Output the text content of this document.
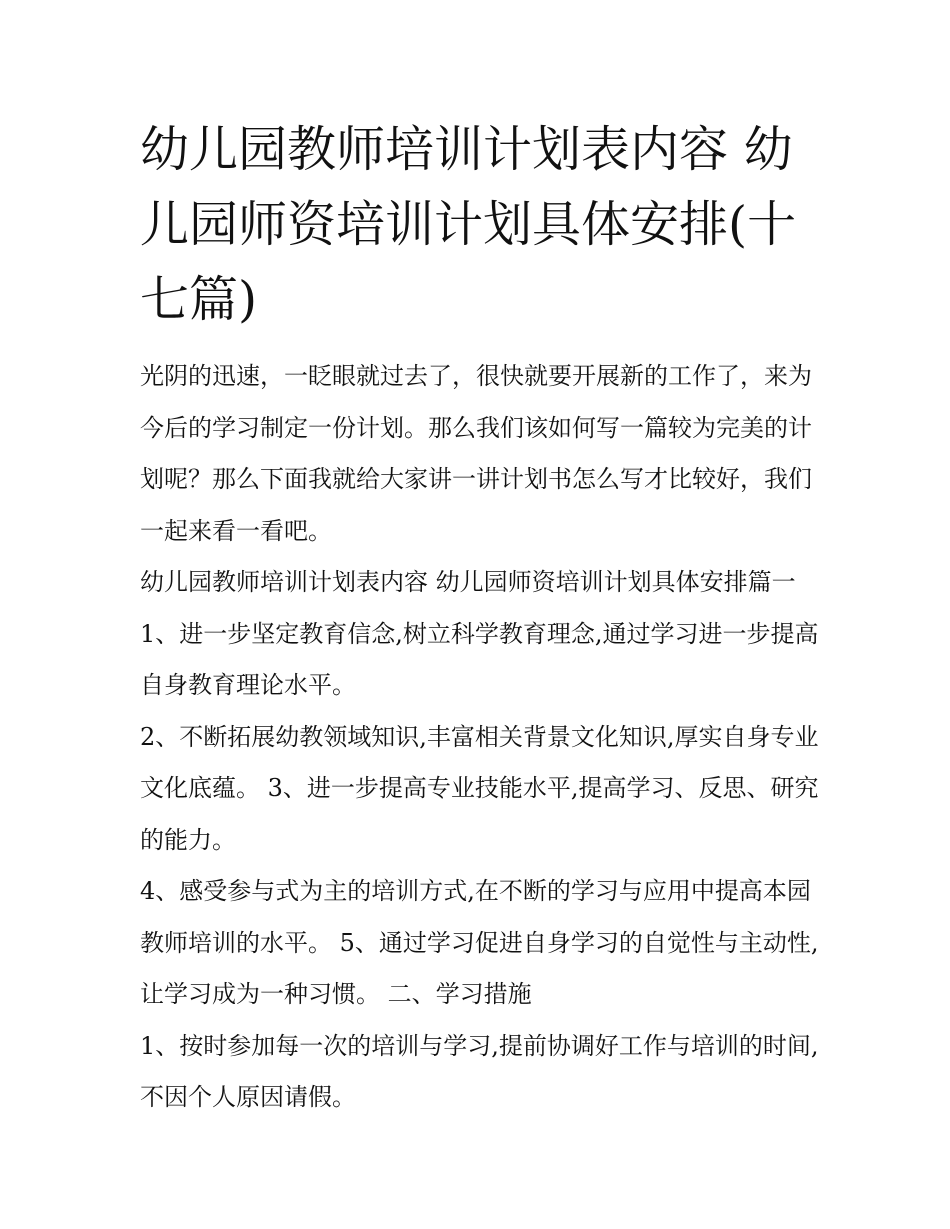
幼儿园教师培训计划表内容 幼儿园师资培训计划具体安排(十七篇)

光阴的迅速，一眨眼就过去了，很快就要开展新的工作了，来为今后的学习制定一份计划。那么我们该如何写一篇较为完美的计划呢？那么下面我就给大家讲一讲计划书怎么写才比较好，我们一起来看一看吧。

幼儿园教师培训计划表内容 幼儿园师资培训计划具体安排篇一 1、进一步坚定教育信念,树立科学教育理念,通过学习进一步提高自身教育理论水平。

2、不断拓展幼教领域知识,丰富相关背景文化知识,厚实自身专业文化底蕴。 3、进一步提高专业技能水平,提高学习、反思、研究的能力。

4、感受参与式为主的培训方式,在不断的学习与应用中提高本园教师培训的水平。 5、通过学习促进自身学习的自觉性与主动性,让学习成为一种习惯。 二、学习措施

1、按时参加每一次的培训与学习,提前协调好工作与培训的时间,不因个人原因请假。
